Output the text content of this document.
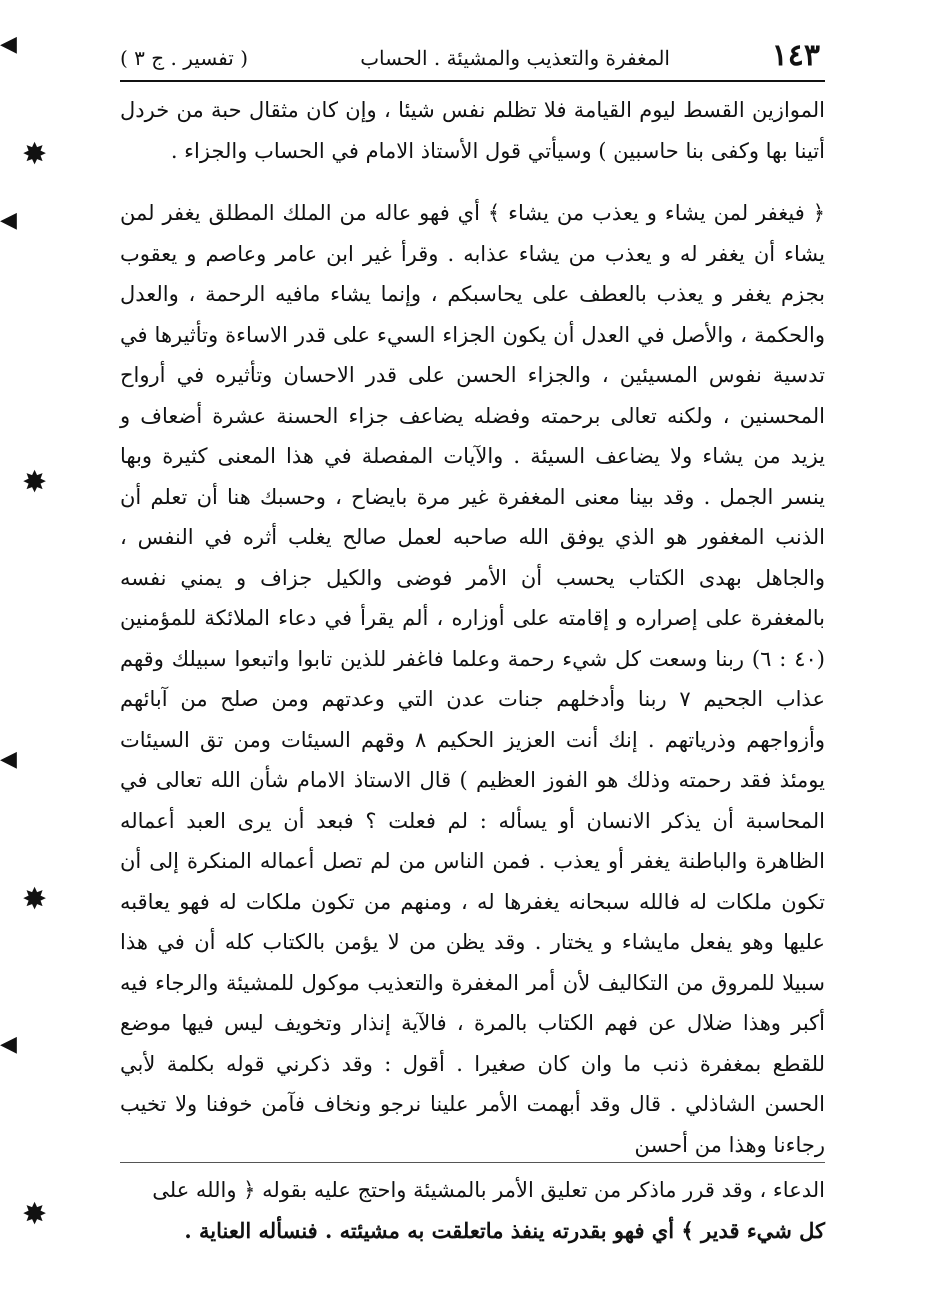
١٤٣
المغفرة والتعذيب والمشيئة . الحساب
( تفسير . ج ٣ )

الموازين القسط ليوم القيامة فلا تظلم نفس شيئا ، وإن كان مثقال حبة من خردل أتينا بها وكفى بنا حاسبين ) وسيأتي قول الأستاذ الامام في الحساب والجزاء .

﴿ فيغفر لمن يشاء و يعذب من يشاء ﴾ أي فهو عاله من الملك المطلق يغفر لمن يشاء أن يغفر له و يعذب من يشاء عذابه . وقرأ غير ابن عامر وعاصم و يعقوب بجزم يغفر و يعذب بالعطف على يحاسبكم ، وإنما يشاء مافيه الرحمة ، والعدل والحكمة ، والأصل في العدل أن يكون الجزاء السيء على قدر الاساءة وتأثيرها في تدسية نفوس المسيئين ، والجزاء الحسن على قدر الاحسان وتأثيره في أرواح المحسنين ، ولكنه تعالى برحمته وفضله يضاعف جزاء الحسنة عشرة أضعاف و يزيد من يشاء ولا يضاعف السيئة . والآيات المفصلة في هذا المعنى كثيرة وبها ينسر الجمل . وقد بينا معنى المغفرة غير مرة بايضاح ، وحسبك هنا أن تعلم أن الذنب المغفور هو الذي يوفق الله صاحبه لعمل صالح يغلب أثره في النفس ، والجاهل بهدى الكتاب يحسب أن الأمر فوضى والكيل جزاف و يمني نفسه بالمغفرة على إصراره و إقامته على أوزاره ، ألم يقرأ في دعاء الملائكة للمؤمنين (٤٠ : ٦) ربنا وسعت كل شيء رحمة وعلما فاغفر للذين تابوا واتبعوا سبيلك وقهم عذاب الجحيم ٧ ربنا وأدخلهم جنات عدن التي وعدتهم ومن صلح من آبائهم وأزواجهم وذرياتهم . إنك أنت العزيز الحكيم ٨ وقهم السيئات ومن تق السيئات يومئذ فقد رحمته وذلك هو الفوز العظيم ) قال الاستاذ الامام شأن الله تعالى في المحاسبة أن يذكر الانسان أو يسأله : لم فعلت ؟ فبعد أن يرى العبد أعماله الظاهرة والباطنة يغفر أو يعذب . فمن الناس من لم تصل أعماله المنكرة إلى أن تكون ملكات له فالله سبحانه يغفرها له ، ومنهم من تكون ملكات له فهو يعاقبه عليها وهو يفعل مايشاء و يختار . وقد يظن من لا يؤمن بالكتاب كله أن في هذا سبيلا للمروق من التكاليف لأن أمر المغفرة والتعذيب موكول للمشيئة والرجاء فيه أكبر وهذا ضلال عن فهم الكتاب بالمرة ، فالآية إنذار وتخويف ليس فيها موضع للقطع بمغفرة ذنب ما وان كان صغيرا . أقول : وقد ذكرني قوله بكلمة لأبي الحسن الشاذلي . قال وقد أبهمت الأمر علينا نرجو ونخاف فآمن خوفنا ولا تخيب رجاءنا وهذا من أحسن

الدعاء ، وقد قرر ماذكر من تعليق الأمر بالمشيئة واحتج عليه بقوله ﴿ والله على

كل شيء قدير ﴾ أي فهو بقدرته ينفذ ماتعلقت به مشيئته . فنسأله العناية .

◀
✸
◀
✸
◀
✸
◀
✸
